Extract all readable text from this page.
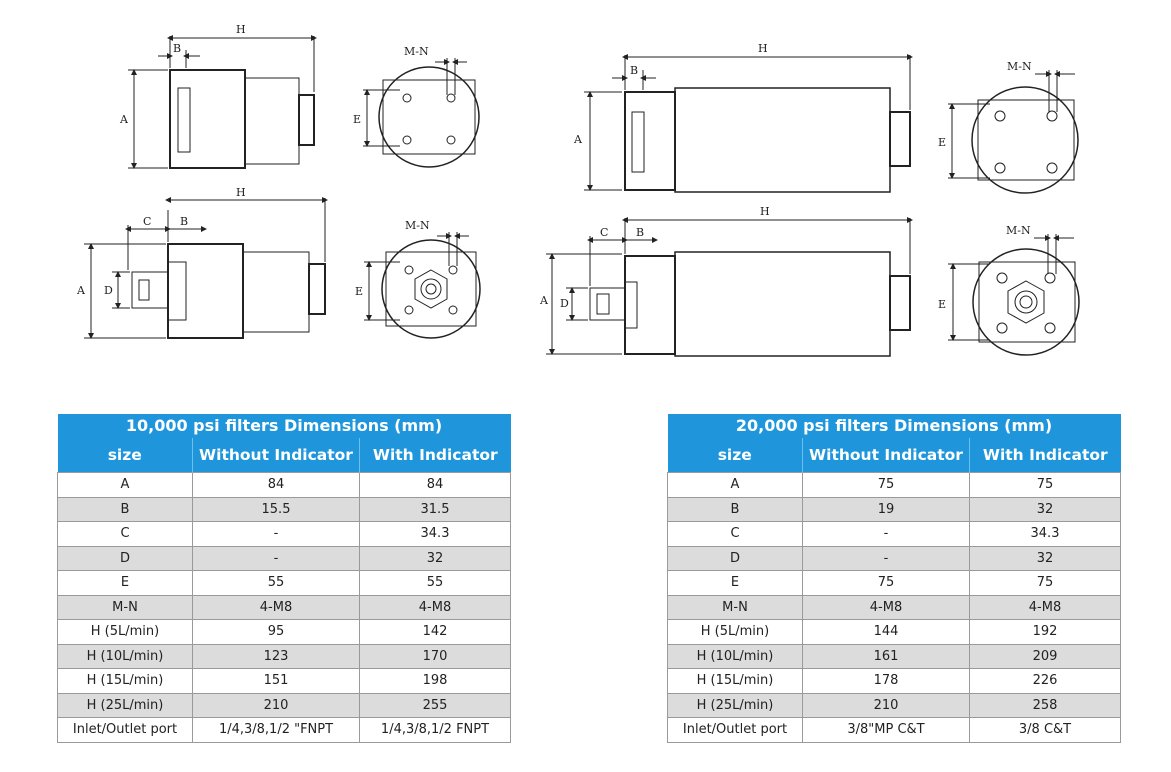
H
B
A
M-N
E
H
C	B
A D
M-N
E
H
B
A
M-N
E
H
C	B
A D
M-N
E
10,000 psi filters Dimensions (mm)		
size	Without Indicator	With Indicator
A	84	84
B	15.5	31.5
C	-	34.3
D	-	32
E	55	55
M-N	4-M8	4-M8
H (5L/min)	95	142
H (10L/min)	123	170
H (15L/min)	151	198
H (25L/min)	210	255
Inlet/Outlet port	1/4,3/8,1/2 "FNPT	1/4,3/8,1/2 FNPT
20,000 psi filters Dimensions (mm)		
size	Without Indicator	With Indicator
A	75	75
B	19	32
C	-	34.3
D	-	32
E	75	75
M-N	4-M8	4-M8
H (5L/min)	144	192
H (10L/min)	161	209
H (15L/min)	178	226
H (25L/min)	210	258
Inlet/Outlet port	3/8"MP C&T	3/8 C&T
